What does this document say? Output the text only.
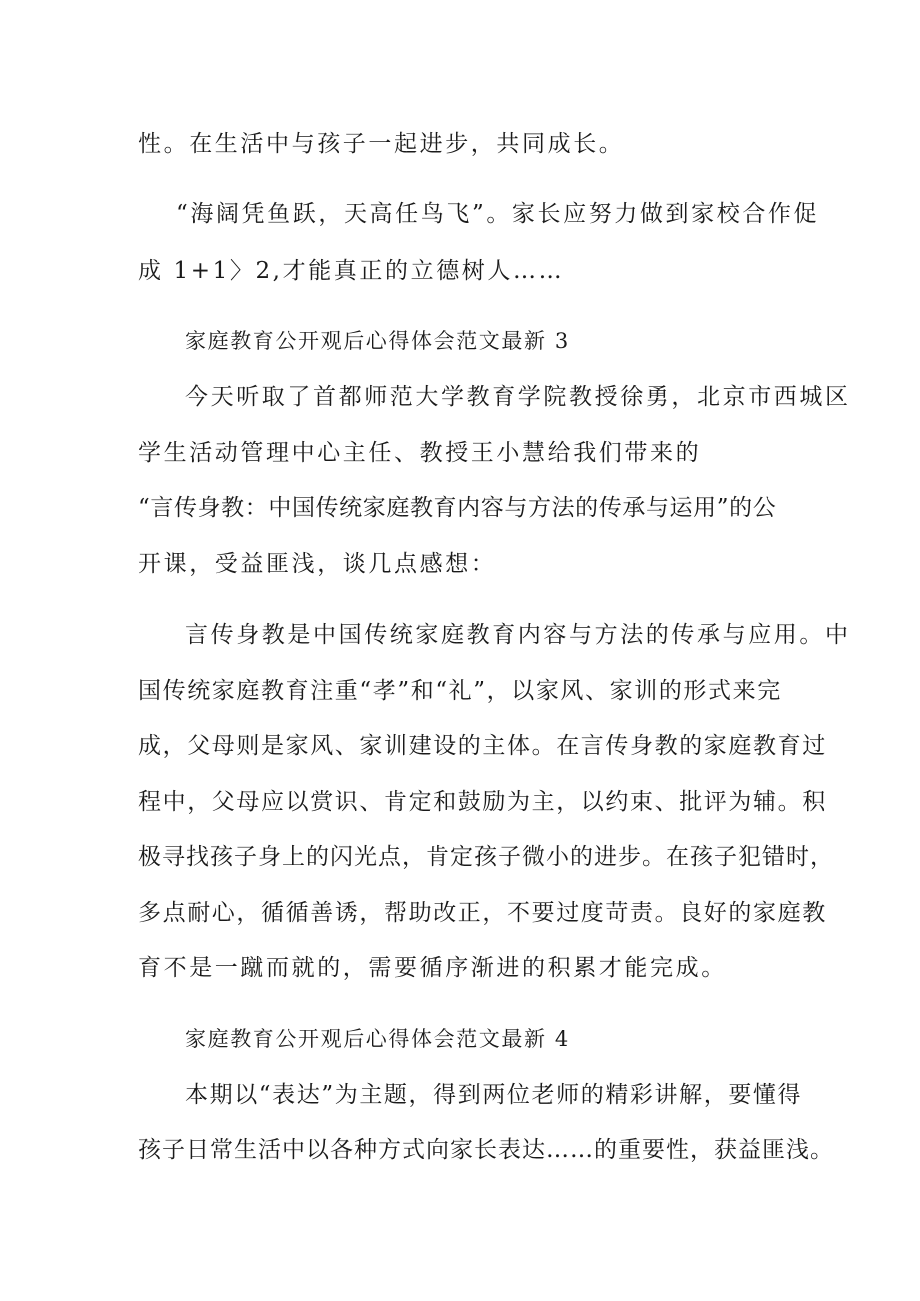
性。在生活中与孩子一起进步，共同成长。
“海阔凭鱼跃，天高任鸟飞”。家长应努力做到家校合作促
成 1+1〉2,才能真正的立德树人……
家庭教育公开观后心得体会范文最新 3
今天听取了首都师范大学教育学院教授徐勇，北京市西城区
学生活动管理中心主任、教授王小慧给我们带来的
“言传身教：中国传统家庭教育内容与方法的传承与运用”的公
开课，受益匪浅，谈几点感想：
言传身教是中国传统家庭教育内容与方法的传承与应用。中
国传统家庭教育注重“孝”和“礼”，以家风、家训的形式来完
成，父母则是家风、家训建设的主体。在言传身教的家庭教育过
程中，父母应以赏识、肯定和鼓励为主，以约束、批评为辅。积
极寻找孩子身上的闪光点，肯定孩子微小的进步。在孩子犯错时，
多点耐心，循循善诱，帮助改正，不要过度苛责。良好的家庭教
育不是一蹴而就的，需要循序渐进的积累才能完成。
家庭教育公开观后心得体会范文最新 4
本期以“表达”为主题，得到两位老师的精彩讲解，要懂得
孩子日常生活中以各种方式向家长表达……的重要性，获益匪浅。
